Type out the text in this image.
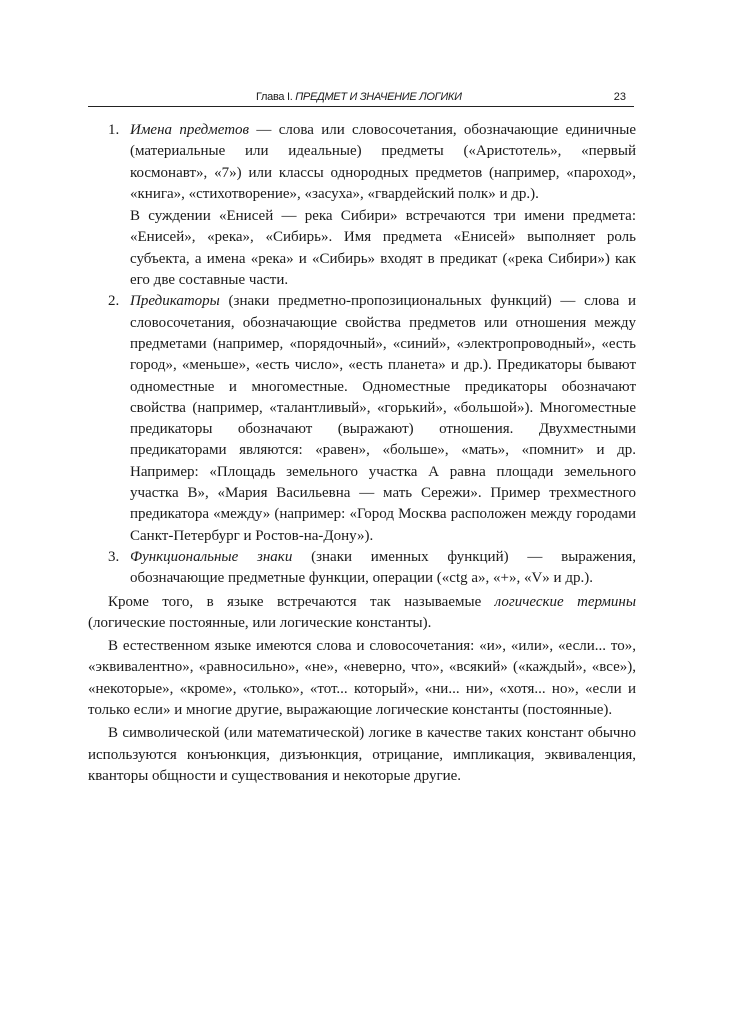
Глава I. ПРЕДМЕТ И ЗНАЧЕНИЕ ЛОГИКИ	23
1. Имена предметов — слова или словосочетания, обозначающие единичные (материальные или идеальные) предметы («Аристотель», «первый космонавт», «7») или классы однородных предметов (например, «пароход», «книга», «стихотворение», «засуха», «гвардейский полк» и др.).

В суждении «Енисей — река Сибири» встречаются три имени предмета: «Енисей», «река», «Сибирь». Имя предмета «Енисей» выполняет роль субъекта, а имена «река» и «Сибирь» входят в предикат («река Сибири») как его две составные части.

2. Предикаторы (знаки предметно-пропозициональных функций) — слова и словосочетания, обозначающие свойства предметов или отношения между предметами (например, «порядочный», «синий», «электропроводный», «есть город», «меньше», «есть число», «есть планета» и др.). Предикаторы бывают одноместные и многоместные. Одноместные предикаторы обозначают свойства (например, «талантливый», «горький», «большой»). Многоместные предикаторы обозначают (выражают) отношения. Двухместными предикаторами являются: «равен», «больше», «мать», «помнит» и др. Например: «Площадь земельного участка А равна площади земельного участка В», «Мария Васильевна — мать Сережи». Пример трехместного предикатора «между» (например: «Город Москва расположен между городами Санкт-Петербург и Ростов-на-Дону»).

3. Функциональные знаки (знаки именных функций) — выражения, обозначающие предметные функции, операции («ctg a», «+», «V» и др.).

Кроме того, в языке встречаются так называемые логические термины (логические постоянные, или логические константы).

В естественном языке имеются слова и словосочетания: «и», «или», «если... то», «эквивалентно», «равносильно», «не», «неверно, что», «всякий» («каждый», «все»), «некоторые», «кроме», «только», «тот... который», «ни... ни», «хотя... но», «если и только если» и многие другие, выражающие логические константы (постоянные).

В символической (или математической) логике в качестве таких констант обычно используются конъюнкция, дизъюнкция, отрицание, импликация, эквиваленция, кванторы общности и существования и некоторые другие.
